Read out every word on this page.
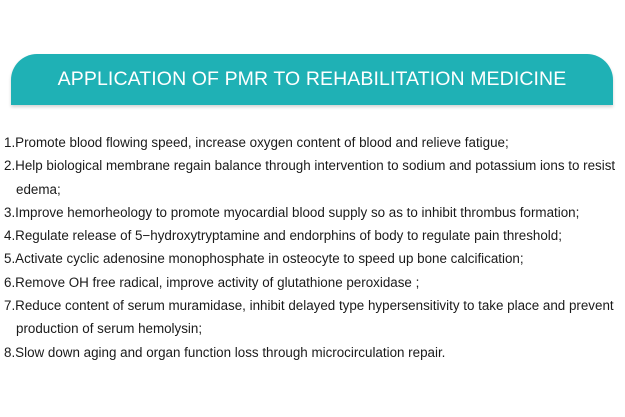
APPLICATION OF PMR TO REHABILITATION MEDICINE
1.Promote blood flowing speed, increase oxygen content of blood and relieve fatigue;
2.Help biological membrane regain balance through intervention to sodium and potassium ions to resist edema;
3.Improve hemorheology to promote myocardial blood supply so as to inhibit thrombus formation;
4.Regulate release of 5−hydroxytryptamine and endorphins of body to regulate pain threshold;
5.Activate cyclic adenosine monophosphate in osteocyte to speed up bone calcification;
6.Remove OH free radical, improve activity of glutathione peroxidase ;
7.Reduce content of serum muramidase, inhibit delayed type hypersensitivity to take place and prevent production of serum hemolysin;
8.Slow down aging and organ function loss through microcirculation repair.
